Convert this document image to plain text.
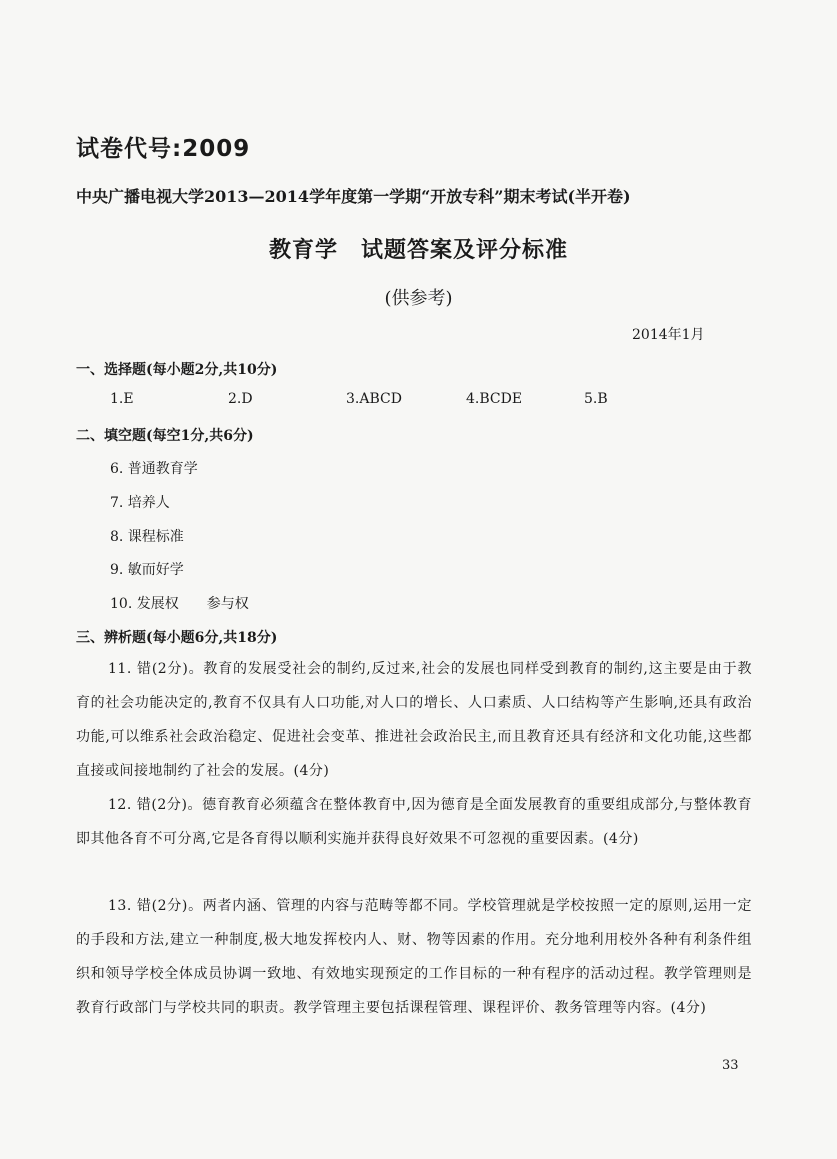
试卷代号:2009
中央广播电视大学2013—2014学年度第一学期“开放专科”期末考试(半开卷)
教育学　试题答案及评分标准
(供参考)
2014年1月
一、选择题(每小题2分,共10分)
1.E	2.D	3.ABCD	4.BCDE	5.B
二、填空题(每空1分,共6分)
6. 普通教育学
7. 培养人
8. 课程标准
9. 敏而好学
10. 发展权 参与权
三、辨析题(每小题6分,共18分)
11. 错(2分)。教育的发展受社会的制约,反过来,社会的发展也同样受到教育的制约,这主要是由于教育的社会功能决定的,教育不仅具有人口功能,对人口的增长、人口素质、人口结构等产生影响,还具有政治功能,可以维系社会政治稳定、促进社会变革、推进社会政治民主,而且教育还具有经济和文化功能,这些都直接或间接地制约了社会的发展。(4分)
12. 错(2分)。德育教育必须蕴含在整体教育中,因为德育是全面发展教育的重要组成部分,与整体教育即其他各育不可分离,它是各育得以顺利实施并获得良好效果不可忽视的重要因素。(4分)
13. 错(2分)。两者内涵、管理的内容与范畴等都不同。学校管理就是学校按照一定的原则,运用一定的手段和方法,建立一种制度,极大地发挥校内人、财、物等因素的作用。充分地利用校外各种有利条件组织和领导学校全体成员协调一致地、有效地实现预定的工作目标的一种有程序的活动过程。教学管理则是教育行政部门与学校共同的职责。教学管理主要包括课程管理、课程评价、教务管理等内容。(4分)
33
